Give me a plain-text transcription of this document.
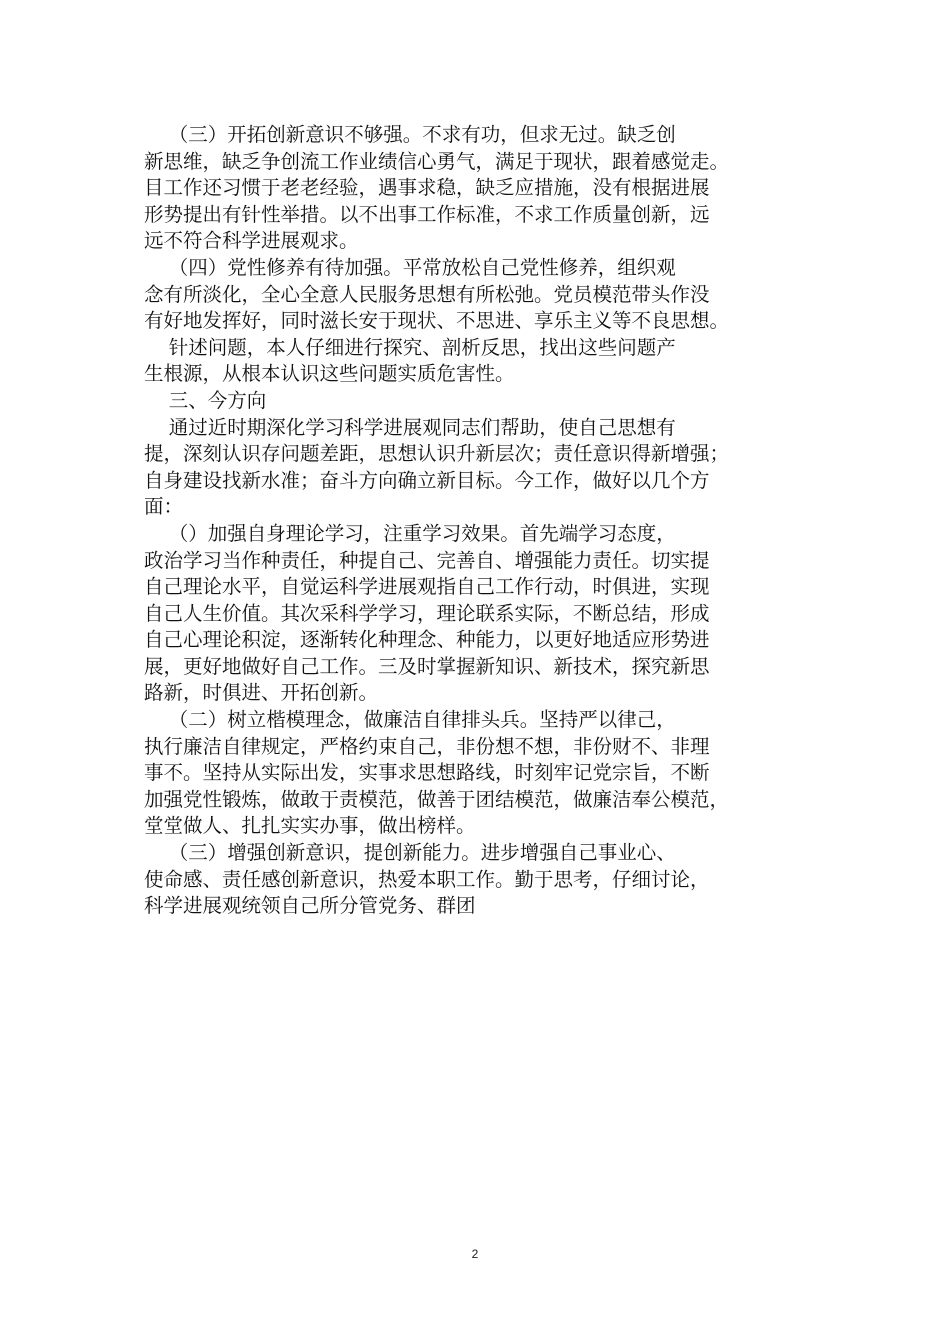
（三）开拓创新意识不够强。不求有功，但求无过。缺乏创
新思维，缺乏争创流工作业绩信心勇气，满足于现状，跟着感觉走。
目工作还习惯于老老经验，遇事求稳，缺乏应措施，没有根据进展
形势提出有针性举措。以不出事工作标准，不求工作质量创新，远
远不符合科学进展观求。
（四）党性修养有待加强。平常放松自己党性修养，组织观
念有所淡化，全心全意人民服务思想有所松弛。党员模范带头作没
有好地发挥好，同时滋长安于现状、不思进、享乐主义等不良思想。
针述问题，本人仔细进行探究、剖析反思，找出这些问题产
生根源，从根本认识这些问题实质危害性。
三、今方向
通过近时期深化学习科学进展观同志们帮助，使自己思想有
提，深刻认识存问题差距，思想认识升新层次；责任意识得新增强；
自身建设找新水准；奋斗方向确立新目标。今工作，做好以几个方
面：
（）加强自身理论学习，注重学习效果。首先端学习态度，
政治学习当作种责任，种提自己、完善自、增强能力责任。切实提
自己理论水平，自觉运科学进展观指自己工作行动，时俱进，实现
自己人生价值。其次采科学学习，理论联系实际，不断总结，形成
自己心理论积淀，逐渐转化种理念、种能力，以更好地适应形势进
展，更好地做好自己工作。三及时掌握新知识、新技术，探究新思
路新，时俱进、开拓创新。
（二）树立楷模理念，做廉洁自律排头兵。坚持严以律己，
执行廉洁自律规定，严格约束自己，非份想不想，非份财不、非理
事不。坚持从实际出发，实事求思想路线，时刻牢记党宗旨，不断
加强党性锻炼，做敢于责模范，做善于团结模范，做廉洁奉公模范，
堂堂做人、扎扎实实办事，做出榜样。
（三）增强创新意识，提创新能力。进步增强自己事业心、
使命感、责任感创新意识，热爱本职工作。勤于思考，仔细讨论，
科学进展观统领自己所分管党务、群团
2
